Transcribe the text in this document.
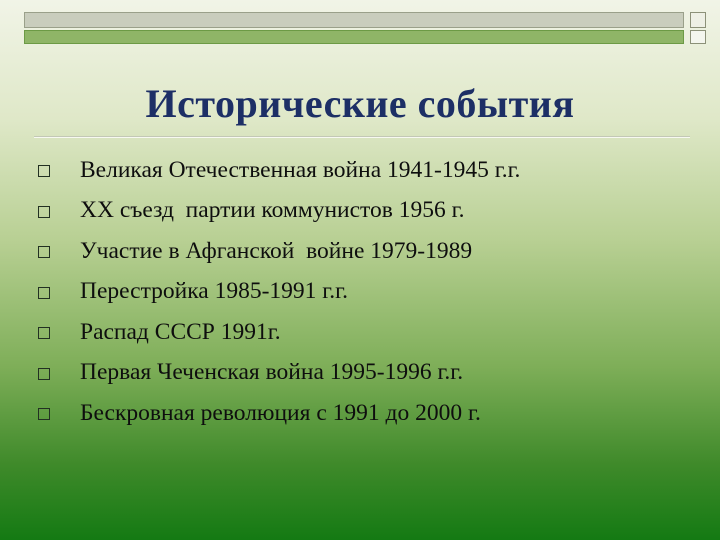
Исторические события
Великая Отечественная война 1941-1945 г.г.
XX съезд  партии коммунистов 1956 г.
Участие в Афганской  войне 1979-1989
Перестройка 1985-1991 г.г.
Распад СССР 1991г.
Первая Чеченская война 1995-1996 г.г.
Бескровная революция с 1991 до 2000 г.
